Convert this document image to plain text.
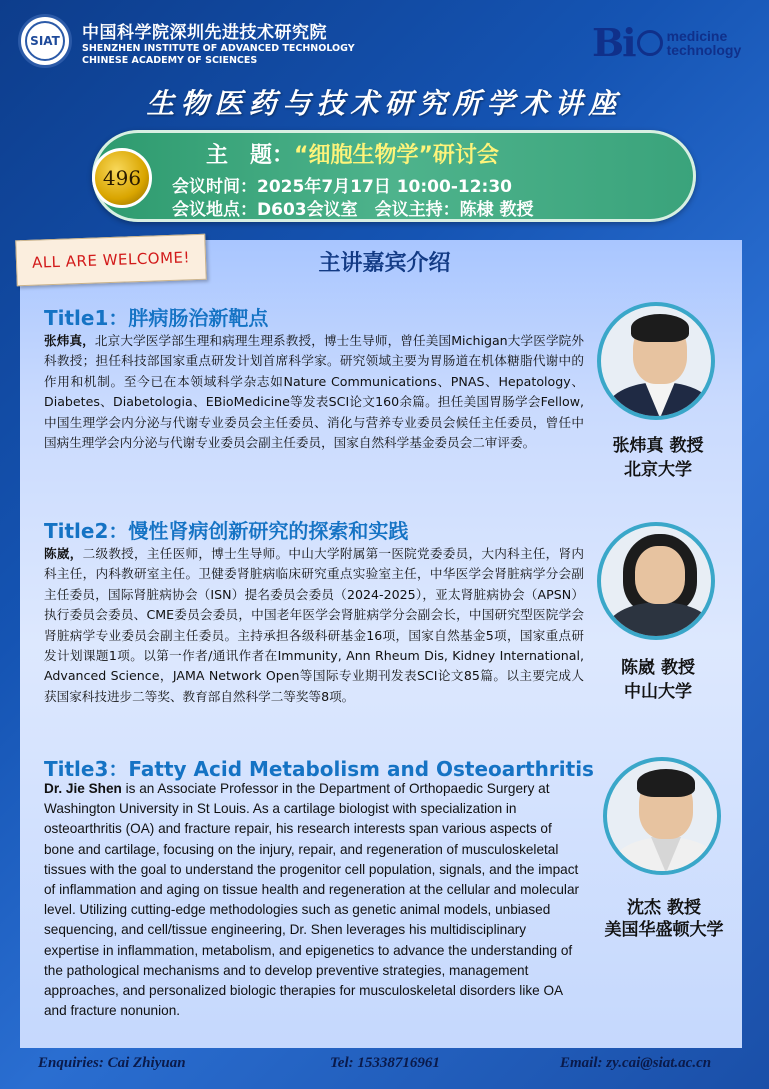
SIAT	中国科学院深圳先进技术研究院
SHENZHEN INSTITUTE OF ADVANCED TECHNOLOGY
CHINESE ACADEMY OF SCIENCES	Bi medicine
technology
生物医药与技术研究所学术讲座
496
主　题：“细胞生物学”研讨会
会议时间：2025年7月17日 10:00-12:30
会议地点：D603会议室　会议主持：陈棣 教授
ALL ARE WELCOME!	主讲嘉宾介绍
Title1：胖病肠治新靶点
张炜真，北京大学医学部生理和病理生理系教授，博士生导师，曾任美国Michigan大学医学院外科教授；担任科技部国家重点研发计划首席科学家。研究领域主要为胃肠道在机体糖脂代谢中的作用和机制。至今已在本领域科学杂志如Nature Communications、PNAS、Hepatology、Diabetes、Diabetologia、EBioMedicine等发表SCI论文160余篇。担任美国胃肠学会Fellow, 中国生理学会内分泌与代谢专业委员会主任委员、消化与营养专业委员会候任主任委员，曾任中国病生理学会内分泌与代谢专业委员会副主任委员，国家自然科学基金委员会二审评委。	张炜真 教授
北京大学
Title2：慢性肾病创新研究的探索和实践
陈崴，二级教授，主任医师，博士生导师。中山大学附属第一医院党委委员，大内科主任，肾内科主任，内科教研室主任。卫健委肾脏病临床研究重点实验室主任，中华医学会肾脏病学分会副主任委员，国际肾脏病协会（ISN）提名委员会委员（2024-2025），亚太肾脏病协会（APSN）执行委员会委员、CME委员会委员，中国老年医学会肾脏病学分会副会长，中国研究型医院学会肾脏病学专业委员会副主任委员。主持承担各级科研基金16项，国家自然基金5项，国家重点研发计划课题1项。以第一作者/通讯作者在Immunity, Ann Rheum Dis, Kidney International, Advanced Science，JAMA Network Open等国际专业期刊发表SCI论文85篇。以主要完成人获国家科技进步二等奖、教育部自然科学二等奖等8项。
陈崴 教授
中山大学
Title3：Fatty Acid Metabolism and Osteoarthritis
Dr. Jie Shen is an Associate Professor in the Department of Orthopaedic Surgery at Washington University in St Louis. As a cartilage biologist with specialization in osteoarthritis (OA) and fracture repair, his research interests span various aspects of bone and cartilage, focusing on the injury, repair, and regeneration of musculoskeletal tissues with the goal to understand the progenitor cell population, signals, and the impact of inflammation and aging on tissue health and regeneration at the cellular and molecular level. Utilizing cutting-edge methodologies such as genetic animal models, unbiased sequencing, and cell/tissue engineering, Dr. Shen leverages his multidisciplinary expertise in inflammation, metabolism, and epigenetics to advance the understanding of the pathological mechanisms and to develop preventive strategies, management approaches, and personalized biologic therapies for musculoskeletal disorders like OA and fracture nonunion.
沈杰 教授
美国华盛顿大学
Enquiries: Cai Zhiyuan	Tel: 15338716961	Email: zy.cai@siat.ac.cn
